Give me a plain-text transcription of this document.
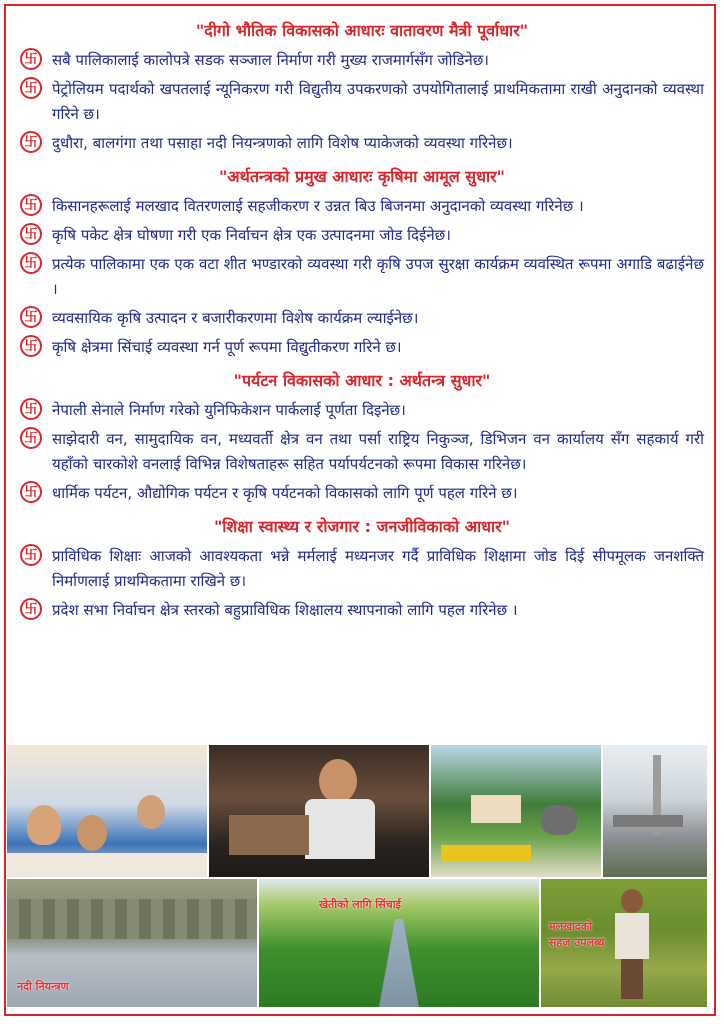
"दीगो भौतिक विकासको आधारः वातावरण मैत्री पूर्वाधार"
卐 सबै पालिकालाई कालोपत्रे सडक सञ्जाल निर्माण गरी मुख्य राजमार्गसँग जोडिनेछ।
卐 पेट्रोलियम पदार्थको खपतलाई न्यूनिकरण गरी विद्युतीय उपकरणको उपयोगितालाई प्राथमिकतामा राखी अनुदानको व्यवस्था गरिने छ।
卐 दुधौरा, बालगंगा तथा पसाहा नदी नियन्त्रणको लागि विशेष प्याकेजको व्यवस्था गरिनेछ।
"अर्थतन्त्रको प्रमुख आधारः कृषिमा आमूल सुधार"
卐 किसानहरूलाई मलखाद वितरणलाई सहजीकरण र उन्नत बिउ बिजनमा अनुदानको व्यवस्था गरिनेछ ।
卐 कृषि पकेट क्षेत्र घोषणा गरी एक निर्वाचन क्षेत्र एक उत्पादनमा जोड दिईनेछ।
卐 प्रत्येक पालिकामा एक एक वटा शीत भण्डारको व्यवस्था गरी कृषि उपज सुरक्षा कार्यक्रम व्यवस्थित रूपमा अगाडि बढाईनेछ ।
卐 व्यवसायिक कृषि उत्पादन र बजारीकरणमा विशेष कार्यक्रम ल्याईनेछ।
卐 कृषि क्षेत्रमा सिंचाई व्यवस्था गर्न पूर्ण रूपमा विद्युतीकरण गरिने छ।
"पर्यटन विकासको आधार : अर्थतन्त्र सुधार"
卐 नेपाली सेनाले निर्माण गरेको युनिफिकेशन पार्कलाई पूर्णता दिइनेछ।
卐 साझेदारी वन, सामुदायिक वन, मध्यवर्ती क्षेत्र वन तथा पर्सा राष्ट्रिय निकुञ्ज, डिभिजन वन कार्यालय सँग सहकार्य गरी यहाँको चारकोशे वनलाई विभिन्न विशेषताहरू सहित पर्यापर्यटनको रूपमा विकास गरिनेछ।
卐 धार्मिक पर्यटन, औद्योगिक पर्यटन र कृषि पर्यटनको विकासको लागि पूर्ण पहल गरिने छ।
"शिक्षा स्वास्थ्य र रोजगार : जनजीविकाको आधार"
卐 प्राविधिक शिक्षाः आजको आवश्यकता भन्ने मर्मलाई मध्यनजर गर्दै प्राविधिक शिक्षामा जोड दिई सीपमूलक जनशक्ति निर्माणलाई प्राथमिकतामा राखिने छ।
卐 प्रदेश सभा निर्वाचन क्षेत्र स्तरको बहुप्राविधिक शिक्षालय स्थापनाको लागि पहल गरिनेछ ।
नदी नियन्त्रण
खेतीको लागि सिंचाई
मलखादको
सहज उपलब्ध
